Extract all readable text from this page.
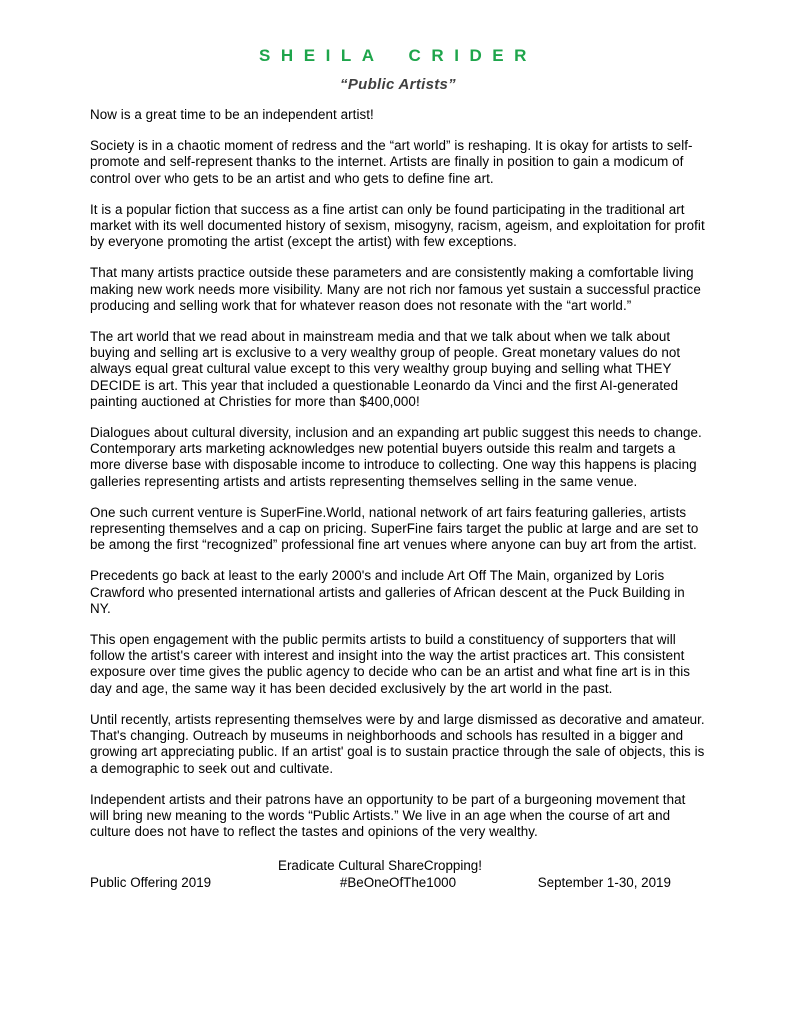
SHEILA CRIDER
“Public Artists”

Now is a great time to be an independent artist!

Society is in a chaotic moment of redress and the “art world” is reshaping. It is okay for artists to self-promote and self-represent thanks to the internet. Artists are finally in position to gain a modicum of control over who gets to be an artist and who gets to define fine art.

It is a popular fiction that success as a fine artist can only be found participating in the traditional art market with its well documented history of sexism, misogyny, racism, ageism, and exploitation for profit by everyone promoting the artist (except the artist) with few exceptions.

That many artists practice outside these parameters and are consistently making a comfortable living making new work needs more visibility. Many are not rich nor famous yet sustain a successful practice producing and selling work that for whatever reason does not resonate with the “art world.”

The art world that we read about in mainstream media and that we talk about when we talk about buying and selling art is exclusive to a very wealthy group of people. Great monetary values do not always equal great cultural value except to this very wealthy group buying and selling what THEY DECIDE is art. This year that included a questionable Leonardo da Vinci and the first AI-generated painting auctioned at Christies for more than $400,000!

Dialogues about cultural diversity, inclusion and an expanding art public suggest this needs to change. Contemporary arts marketing acknowledges new potential buyers outside this realm and targets a more diverse base with disposable income to introduce to collecting. One way this happens is placing galleries representing artists and artists representing themselves selling in the same venue.

One such current venture is SuperFine.World, national network of art fairs featuring galleries, artists representing themselves and a cap on pricing. SuperFine fairs target the public at large and are set to be among the first “recognized” professional fine art venues where anyone can buy art from the artist.

Precedents go back at least to the early 2000's and include Art Off The Main, organized by Loris Crawford who presented international artists and galleries of African descent at the Puck Building in NY.

This open engagement with the public permits artists to build a constituency of supporters that will follow the artist's career with interest and insight into the way the artist practices art. This consistent exposure over time gives the public agency to decide who can be an artist and what fine art is in this day and age, the same way it has been decided exclusively by the art world in the past.

Until recently, artists representing themselves were by and large dismissed as decorative and amateur. That's changing. Outreach by museums in neighborhoods and schools has resulted in a bigger and growing art appreciating public. If an artist' goal is to sustain practice through the sale of objects, this is a demographic to seek out and cultivate.

Independent artists and their patrons have an opportunity to be part of a burgeoning movement that will bring new meaning to the words “Public Artists.” We live in an age when the course of art and culture does not have to reflect the tastes and opinions of the very wealthy.

Eradicate Cultural ShareCropping!

Public Offering 2019	#BeOneOfThe1000	September 1-30, 2019
